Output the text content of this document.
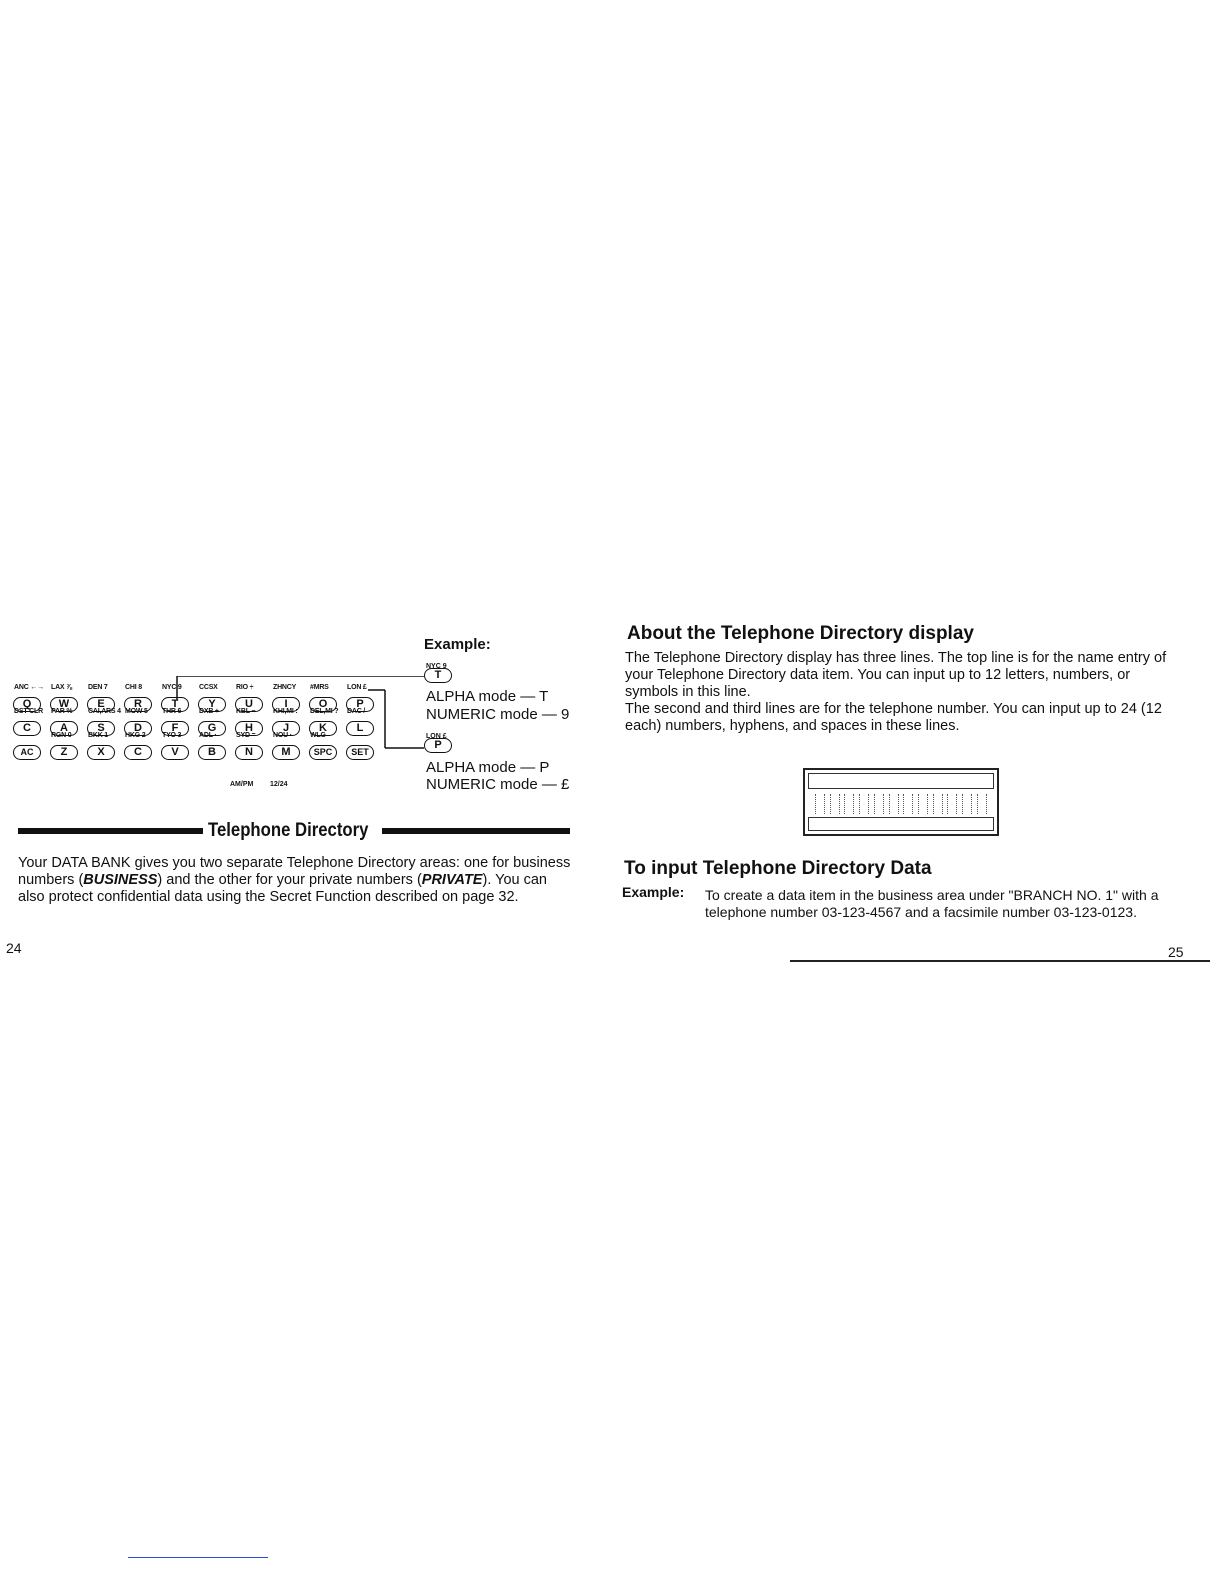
Example:
ANC ←→
Q
LAX ⅞
W
DEN 7
E
CHI 8
R
NYC 9
T
CCSX
Y
RIO ÷
U
ZHNCY
I
#MRS
O
LON £
P
DST CLR
C
PAR %
A
CAI,ARS 4
S
MOW 5
D
THR 6
F
DXB +
G
KBL −
H
KHI,MI :
J
DEL,MI ?
K
DAC /
L
AC
RGN 0
Z
BKK 1
X
HKG 2
C
TYO 3
V
ADL ·
B
SYD =
N
NOU ·
M
WLG
SPC	SET
AM/PM 12/24
NYC 9
T
ALPHA mode — T
NUMERIC mode — 9
LON £
P
ALPHA mode — P
NUMERIC mode — £
Telephone Directory

Your DATA BANK gives you two separate Telephone Directory areas: one for business numbers (BUSINESS) and the other for your private numbers (PRIVATE). You can also protect confidential data using the Secret Function described on page 32.

24
About the Telephone Directory display

The Telephone Directory display has three lines. The top line is for the name entry of your Telephone Directory data item. You can input up to 12 letters, numbers, or symbols in this line.

The second and third lines are for the telephone number. You can input up to 24 (12 each) numbers, hyphens, and spaces in these lines.

To input Telephone Directory Data
Example: To create a data item in the business area under "BRANCH NO. 1" with a telephone number 03-123-4567 and a facsimile number 03-123-0123.

25
